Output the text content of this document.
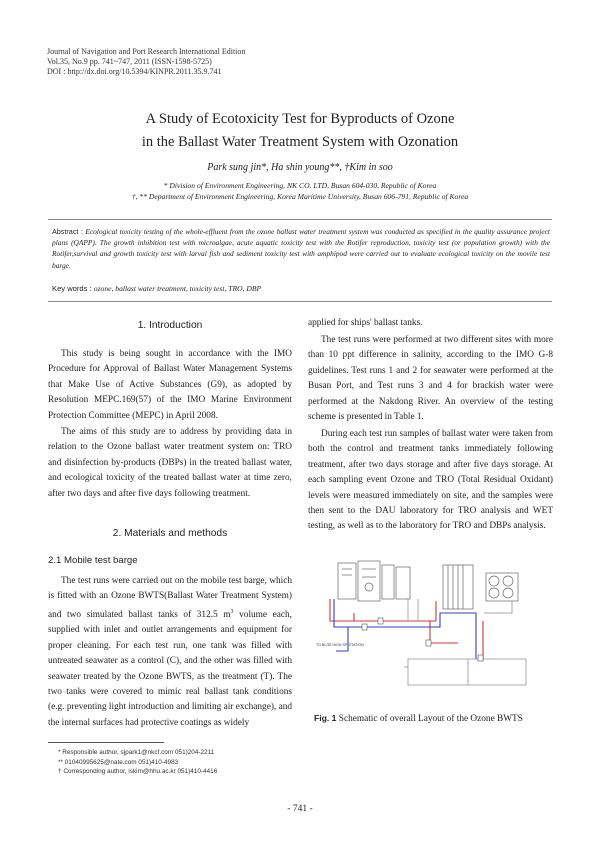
Journal of Navigation and Port Research International Edition
Vol.35, No.9 pp. 741~747, 2011 (ISSN-1598-5725)
DOI : http://dx.doi.org/10.5394/KINPR.2011.35.9.741
A Study of Ecotoxicity Test for Byproducts of Ozone
in the Ballast Water Treatment System with Ozonation
Park sung jin*, Ha shin young**, †Kim in soo
* Division of Environment Engineering, NK CO. LTD, Busan 604-030, Republic of Korea
†, ** Department of Environment Engineering, Korea Maritime University, Busan 606-791, Republic of Korea
Abstract : Ecological toxicity testing of the whole-effluent from the ozone ballast water treatment system was conducted as specified in the quality assurance project plans (QAPP). The growth inhibition test with microalgae, acute aquatic toxicity test with the Rotifer reproduction, toxicity test (or population growth) with the Rotifer,survival and growth toxicity test with larval fish and sediment toxicity test with amphipod were carried out to evaluate ecological toxicity on the movile test barge.
Key words : ozone, ballast water treatment, toxicity test, TRO, DBP
1. Introduction
This study is being sought in accordance with the IMO Procedure for Approval of Ballast Water Management Systems that Make Use of Active Substances (G9), as adopted by Resolution MEPC.169(57) of the IMO Marine Environment Protection Committee (MEPC) in April 2008.
The aims of this study are to address by providing data in relation to the Ozone ballast water treatment system on: TRO and disinfection by-products (DBPs) in the treated ballast water, and ecological toxicity of the treated ballast water at time zero, after two days and after five days following treatment.
2. Materials and methods
2.1 Mobile test barge
The test runs were carried out on the mobile test barge, which is fitted with an Ozone BWTS(Ballast Water Treatment System) and two simulated ballast tanks of 312.5 $m^3$ volume each, supplied with inlet and outlet arrangements and equipment for proper cleaning. For each test run, one tank was filled with untreated seawater as a control (C), and the other was filled with seawater treated by the Ozone BWTS, as the treatment (T). The two tanks were covered to mimic real ballast tank conditions (e.g. preventing light introduction and limiting air exchange), and the internal surfaces had protective coatings as widely
applied for ships' ballast tanks.
The test runs were performed at two different sites with more than 10 ppt difference in salinity, according to the IMO G-8 guidelines. Test runs 1 and 2 for seawater were performed at the Busan Port, and Test runs 3 and 4 for brackish water were performed at the Nakdong River. An overview of the testing scheme is presented in Table 1.
During each test run samples of ballast water were taken from both the control and treatment tanks immediately following treatment, after two days storage and after five days storage. At each sampling event Ozone and TRO (Total Residual Oxidant) levels were measured immediately on site, and the samples were then sent to the DAU laboratory for TRO analysis and WET testing, as well as to the laboratory for TRO and DBPs analysis.
TO BLGE HIGH SP. STATION
Fig. 1 Schematic of overall Layout of the Ozone BWTS
* Responsible author, sjpark1@nkcf.com 051)204-2211
** 01040995625@nate.com 051)410-4983
† Corresponding author, iskim@hhu.ac.kr 051)410-4416
- 741 -
